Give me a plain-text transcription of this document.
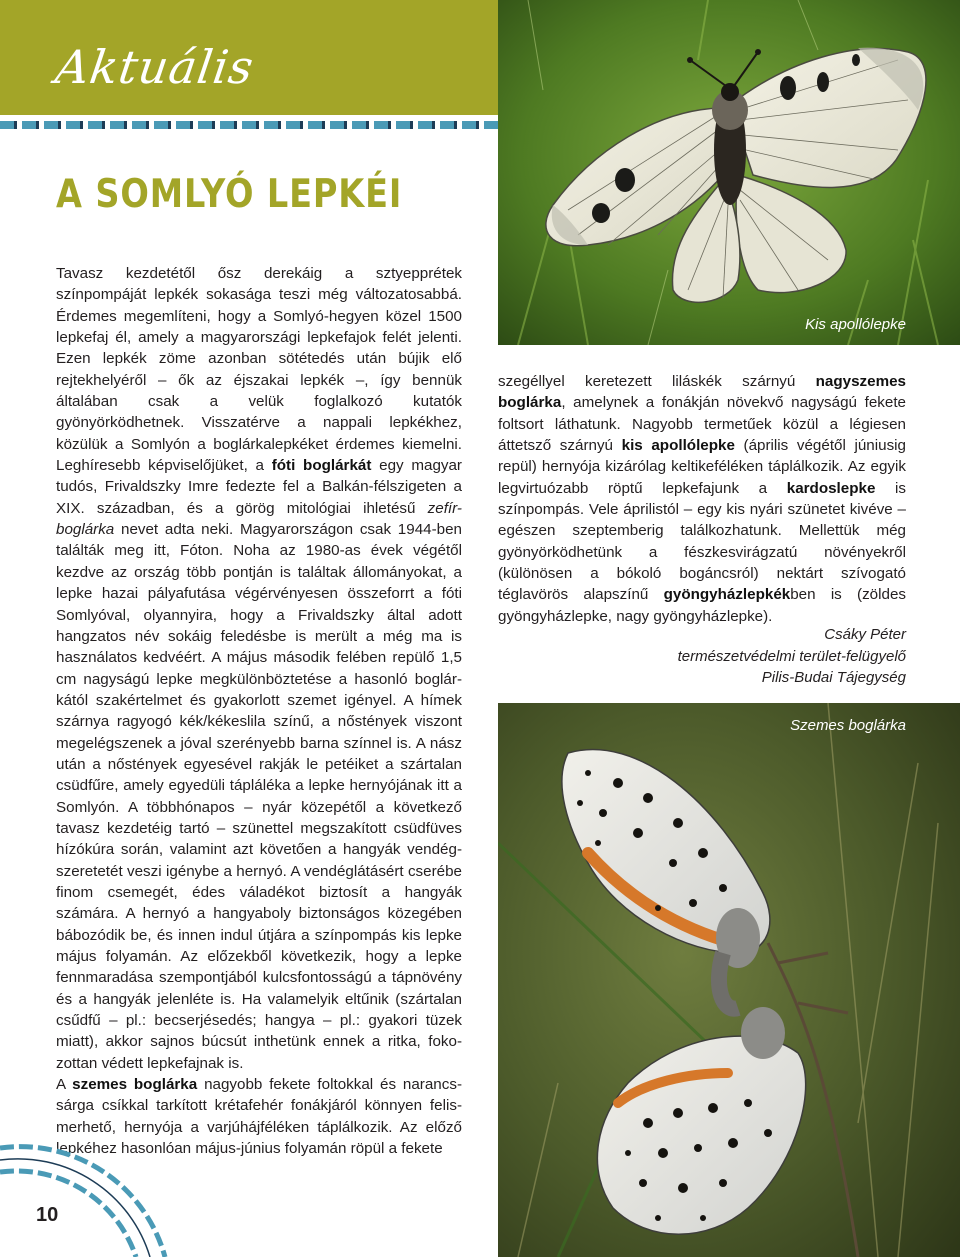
Aktuális
A SOMLYÓ LEPKÉI

Tavasz kezdetétől ősz derekáig a sztyepprétek színpompáját lepkék sokasága teszi még változatosabbá. Érdemes megemlíteni, hogy a Somlyó-hegyen közel 1500 lepkefaj él, amely a magyarországi lepkefajok felét jelenti. Ezen lepkék zöme azonban sötétedés után bújik elő rejtekhelyéről – ők az éjszakai lepkék –, így bennük általában csak a velük foglalkozó kutatók gyönyörködhetnek. Visszatérve a nappali lepkékhez, közülük a Somlyón a boglárkalepkéket érdemes kiemelni. Leghíresebb képviselőjüket, a fóti boglárkát egy magyar tudós, Frivaldszky Imre fedezte fel a Balkán-félszigeten a XIX. században, és a görög mitológiai ihletésű zefír-boglárka nevet adta neki. Magyarországon csak 1944-ben találták meg itt, Fóton. Noha az 1980-as évek végétől kezdve az ország több pontján is találtak állományokat, a lepke hazai pályafutása végérvényesen összeforrt a fóti Somlyóval, olyannyira, hogy a Frivaldszky által adott hangzatos név sokáig feledésbe is merült a még ma is használatos kedvéért. A május második felében repülő 1,5 cm nagyságú lepke megkülönböztetése a hasonló boglárkától szakértelmet és gyakorlott szemet igényel. A hímek szárnya ragyogó kék/kékeslila színű, a nőstények viszont megelégszenek a jóval szerényebb barna színnel is. A nász után a nőstények egyesével rakják le petéiket a szártalan csüdfűre, amely egyedüli tápláléka a lepke hernyójának itt a Somlyón. A többhónapos – nyár közepétől a következő tavasz kezdetéig tartó – szünettel megszakított csüdfüves hízókúra során, valamint azt követően a hangyák vendégszeretetét veszi igénybe a hernyó. A vendéglátásért cserébe finom csemegét, édes váladékot biztosít a hangyák számára. A hernyó a hangyaboly biztonságos közegében bábozódik be, és innen indul útjára a színpompás kis lepke május folyamán. Az előzekből következik, hogy a lepke fennmaradása szempontjából kulcsfontosságú a tápnövény és a hangyák jelenléte is. Ha valamelyik eltűnik (szártalan csűdfű – pl.: becserjésedés; hangya – pl.: gyakori tüzek miatt), akkor sajnos búcsút inthetünk ennek a ritka, fokozottan védett lepkefajnak is.

A szemes boglárka nagyobb fekete foltokkal és narancssárga csíkkal tarkított krétafehér fonákjáról könnyen felismerhető, hernyója a varjúhájféléken táplálkozik. Az előző lepkéhez hasonlóan május-június folyamán röpül a fekete

szegéllyel keretezett liláskék szárnyú nagyszemes boglárka, amelynek a fonákján növekvő nagyságú fekete foltsort láthatunk. Nagyobb termetűek közül a légiesen áttetsző szárnyú kis apollólepke (április végétől júniusig repül) hernyója kizárólag keltikeféléken táplálkozik. Az egyik legvirtuózabb röptű lepkefajunk a kardoslepke is színpompás. Vele áprilistól – egy kis nyári szünetet kivéve – egészen szeptemberig találkozhatunk. Mellettük még gyönyörködhetünk a fészkesvirágzatú növényekről (különösen a bókoló bogáncsról) nektárt szívogató téglavörös alapszínű gyöngyházlepkékben is (zöldes gyöngyházlepke, nagy gyöngyházlepke).

Csáky Péter
természetvédelmi terület-felügyelő
Pilis-Budai Tájegység
Kis apollólepke
Szemes boglárka
10
